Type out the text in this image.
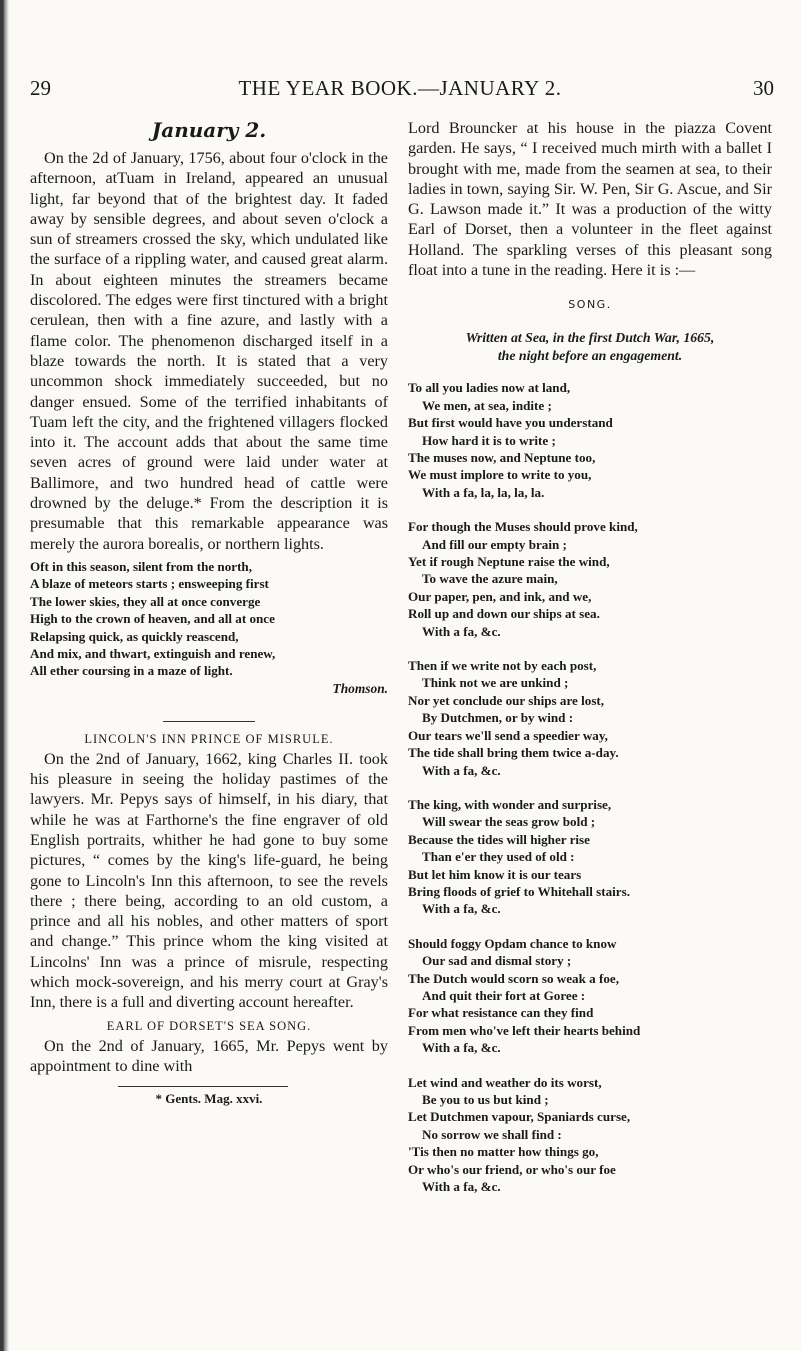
29	THE YEAR BOOK.—JANUARY 2.	30
January 2.

On the 2d of January, 1756, about four o'clock in the afternoon, atTuam in Ireland, appeared an unusual light, far beyond that of the brightest day. It faded away by sensible degrees, and about seven o'clock a sun of streamers crossed the sky, which undulated like the surface of a rippling water, and caused great alarm. In about eighteen minutes the streamers became discolored. The edges were first tinctured with a bright cerulean, then with a fine azure, and lastly with a flame color. The phenomenon discharged itself in a blaze towards the north. It is stated that a very uncommon shock immediately succeeded, but no danger ensued. Some of the terrified inhabitants of Tuam left the city, and the frightened villagers flocked into it. The account adds that about the same time seven acres of ground were laid under water at Ballimore, and two hundred head of cattle were drowned by the deluge.* From the description it is presumable that this remarkable appearance was merely the aurora borealis, or northern lights.

Oft in this season, silent from the north,
A blaze of meteors starts ; ensweeping first
The lower skies, they all at once converge
High to the crown of heaven, and all at once
Relapsing quick, as quickly reascend,
And mix, and thwart, extinguish and renew,
All ether coursing in a maze of light.
Thomson.
LINCOLN'S INN PRINCE OF MISRULE.

On the 2nd of January, 1662, king Charles II. took his pleasure in seeing the holiday pastimes of the lawyers. Mr. Pepys says of himself, in his diary, that while he was at Farthorne's the fine engraver of old English portraits, whither he had gone to buy some pictures, “ comes by the king's life-guard, he being gone to Lincoln's Inn this afternoon, to see the revels there ; there being, according to an old custom, a prince and all his nobles, and other matters of sport and change.” This prince whom the king visited at Lincolns' Inn was a prince of misrule, respecting which mock-sovereign, and his merry court at Gray's Inn, there is a full and diverting account hereafter.

EARL OF DORSET'S SEA SONG.

On the 2nd of January, 1665, Mr. Pepys went by appointment to dine with

* Gents. Mag. xxvi.

Lord Brouncker at his house in the piazza Covent garden. He says, “ I received much mirth with a ballet I brought with me, made from the seamen at sea, to their ladies in town, saying Sir. W. Pen, Sir G. Ascue, and Sir G. Lawson made it.” It was a production of the witty Earl of Dorset, then a volunteer in the fleet against Holland. The sparkling verses of this pleasant song float into a tune in the reading. Here it is :—

SONG.
Written at Sea, in the first Dutch War, 1665,
the night before an engagement.
To all you ladies now at land,
We men, at sea, indite ;
But first would have you understand
How hard it is to write ;
The muses now, and Neptune too,
We must implore to write to you,
With a fa, la, la, la, la.
For though the Muses should prove kind,
And fill our empty brain ;
Yet if rough Neptune raise the wind,
To wave the azure main,
Our paper, pen, and ink, and we,
Roll up and down our ships at sea.
With a fa, &c.
Then if we write not by each post,
Think not we are unkind ;
Nor yet conclude our ships are lost,
By Dutchmen, or by wind :
Our tears we'll send a speedier way,
The tide shall bring them twice a-day.
With a fa, &c.
The king, with wonder and surprise,
Will swear the seas grow bold ;
Because the tides will higher rise
Than e'er they used of old :
But let him know it is our tears
Bring floods of grief to Whitehall stairs.
With a fa, &c.
Should foggy Opdam chance to know
Our sad and dismal story ;
The Dutch would scorn so weak a foe,
And quit their fort at Goree :
For what resistance can they find
From men who've left their hearts behind
With a fa, &c.
Let wind and weather do its worst,
Be you to us but kind ;
Let Dutchmen vapour, Spaniards curse,
No sorrow we shall find :
'Tis then no matter how things go,
Or who's our friend, or who's our foe
With a fa, &c.
